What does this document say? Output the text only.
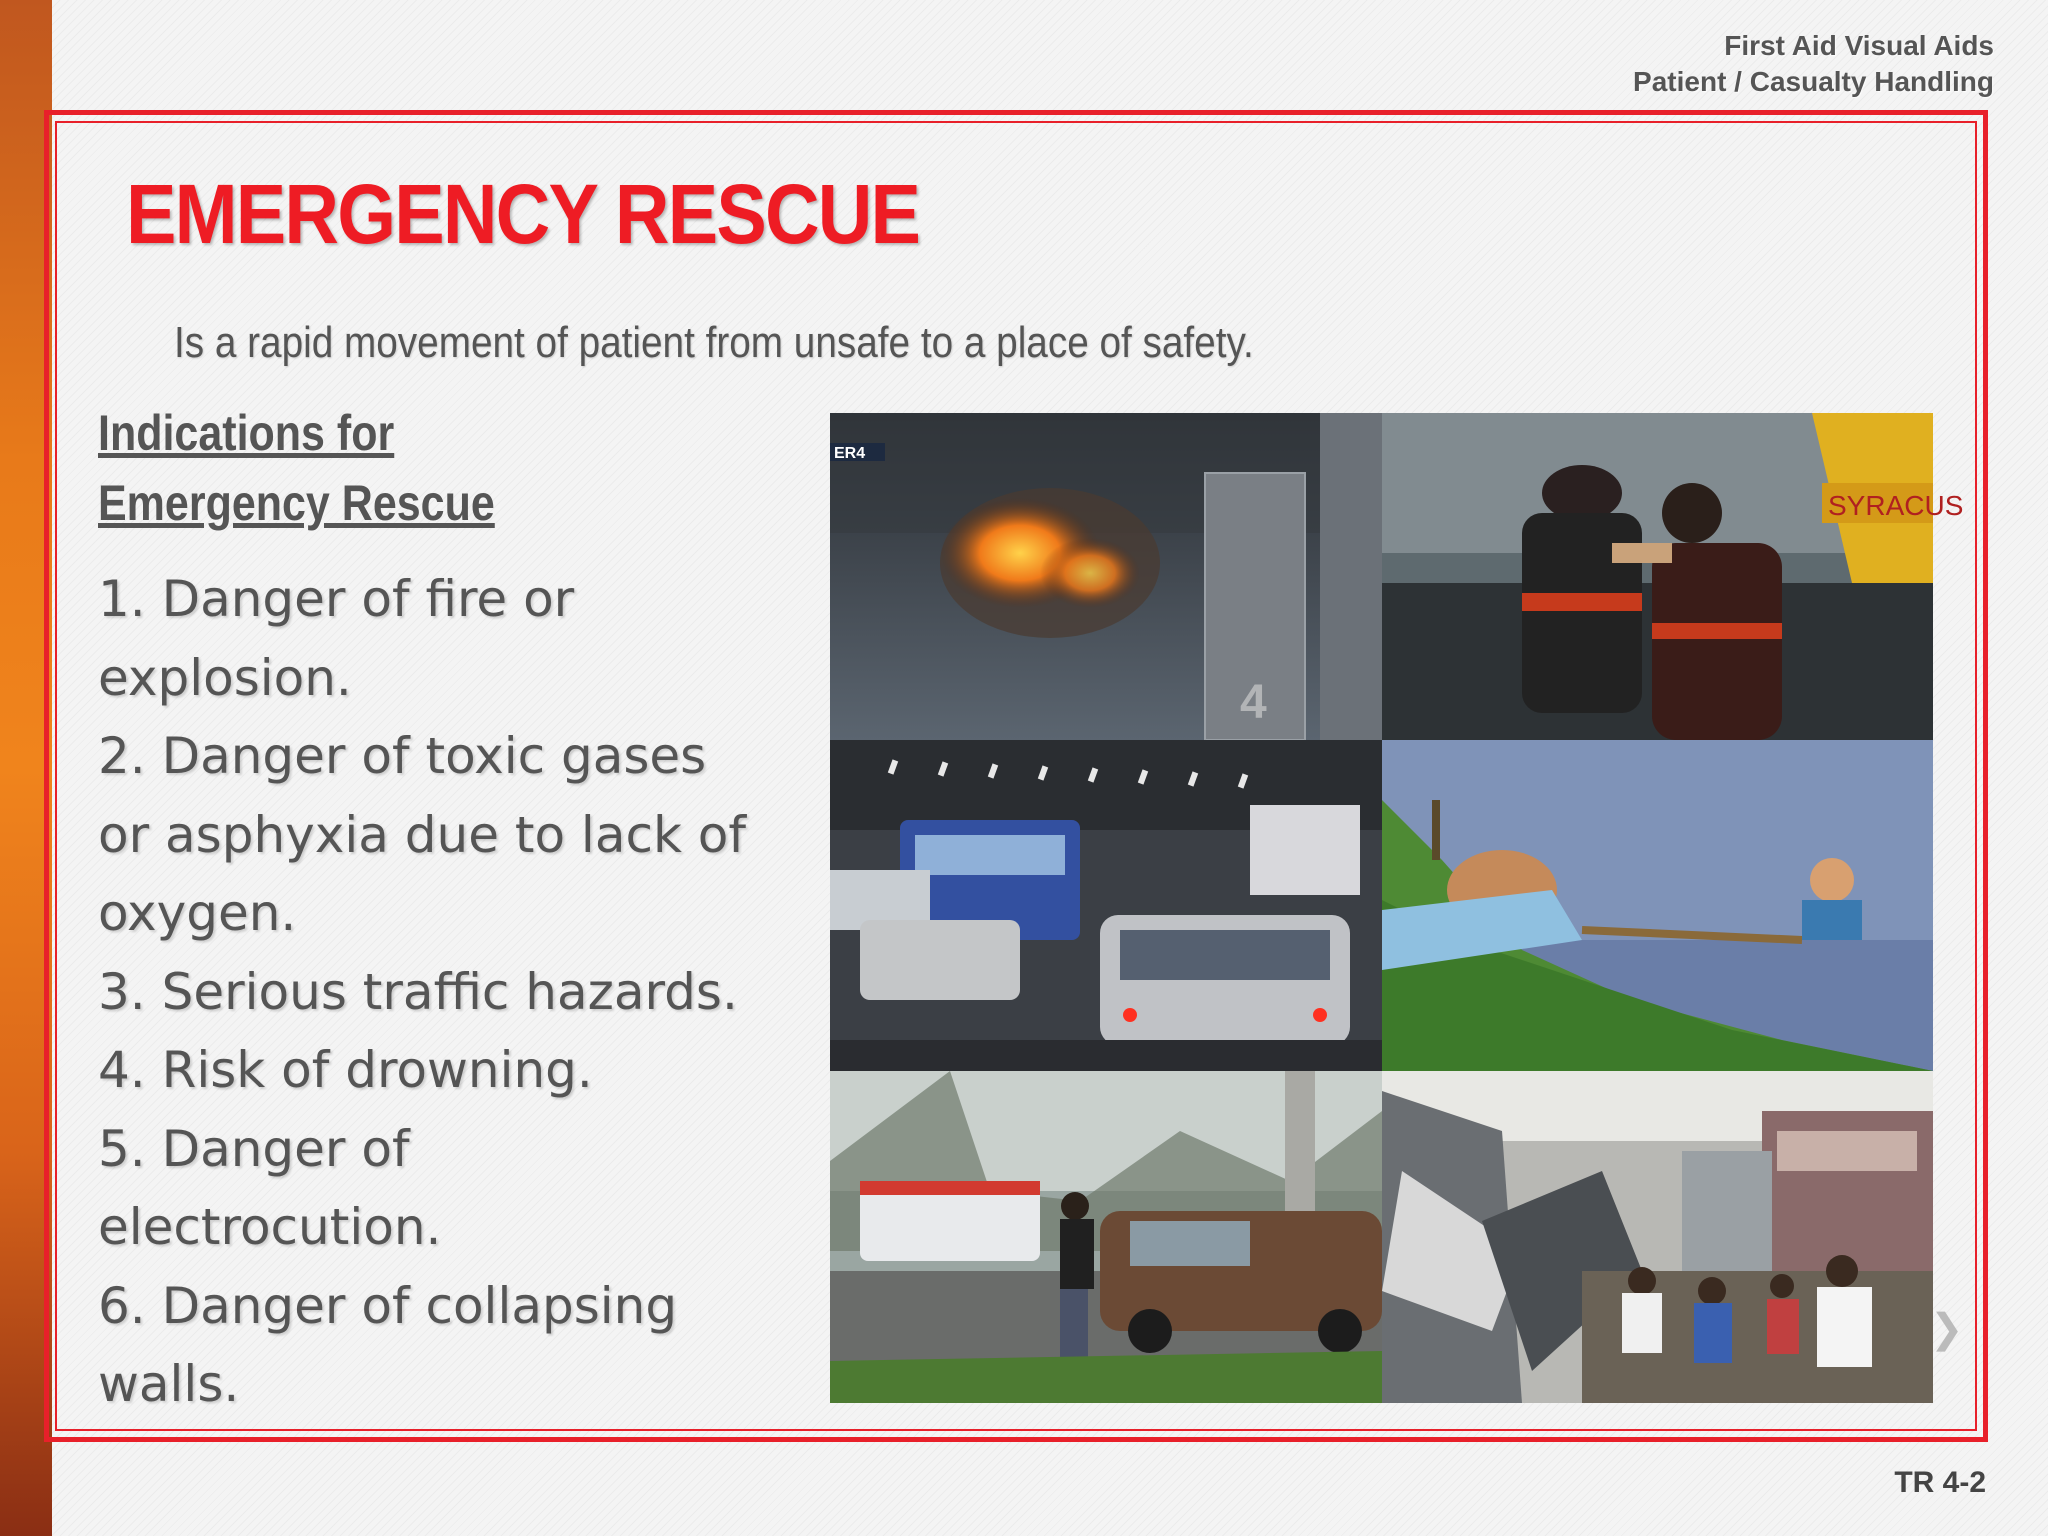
First Aid Visual Aids
Patient / Casualty Handling
EMERGENCY RESCUE
Is a rapid movement of patient from unsafe to a place of safety.
Indications for
Emergency Rescue
1. Danger of fire or
explosion.
2. Danger of toxic gases
or asphyxia due to lack of
oxygen.
3. Serious traffic hazards.
4. Risk of drowning.
5. Danger of
electrocution.
6. Danger of collapsing
walls.
ER4
4
SYRACUS
❯
TR 4-2
